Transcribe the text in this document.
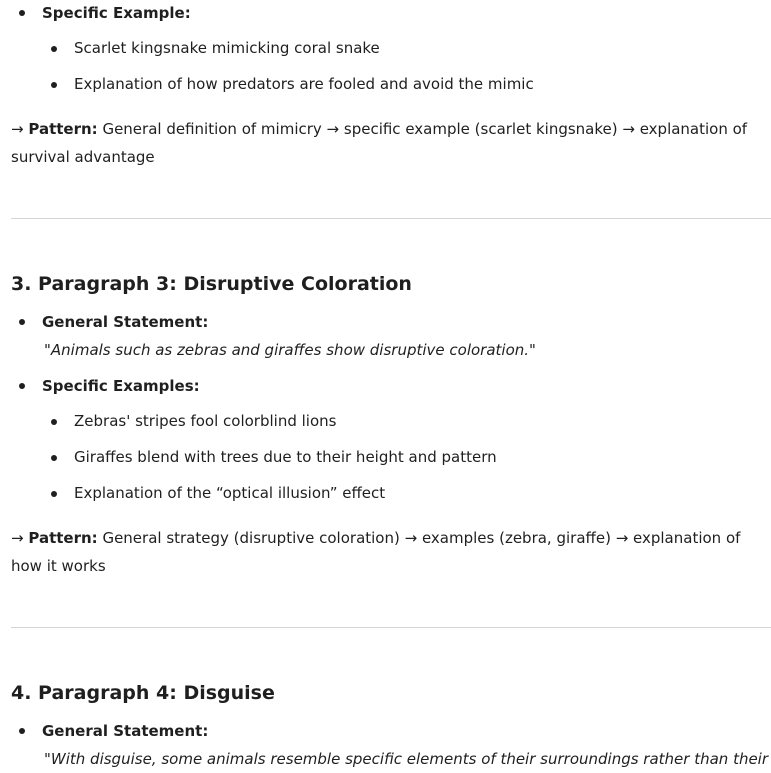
Specific Example:
Scarlet kingsnake mimicking coral snake
Explanation of how predators are fooled and avoid the mimic
→ Pattern: General definition of mimicry → specific example (scarlet kingsnake) → explanation of survival advantage
3. Paragraph 3: Disruptive Coloration
General Statement:
"Animals such as zebras and giraffes show disruptive coloration."
Specific Examples:
Zebras' stripes fool colorblind lions
Giraffes blend with trees due to their height and pattern
Explanation of the “optical illusion” effect
→ Pattern: General strategy (disruptive coloration) → examples (zebra, giraffe) → explanation of how it works
4. Paragraph 4: Disguise
General Statement:
"With disguise, some animals resemble specific elements of their surroundings rather than their
